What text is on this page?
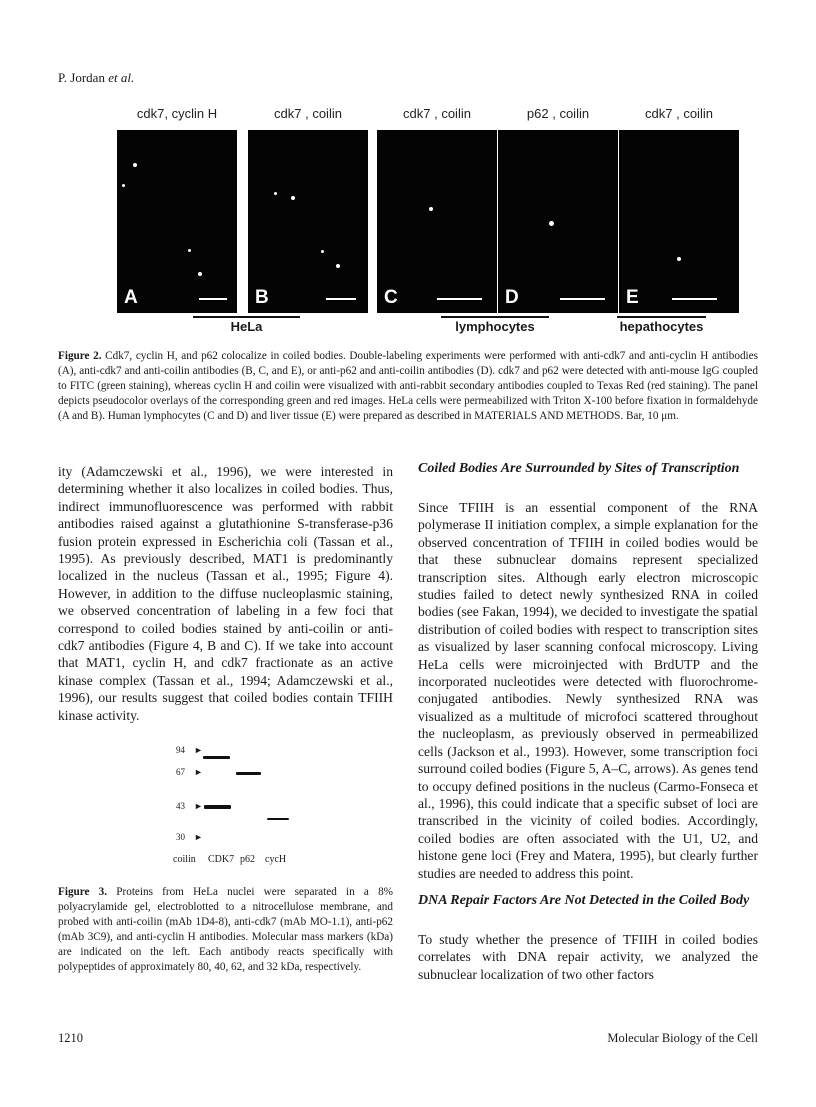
P. Jordan et al.
cdk7, cyclin H	cdk7 , coilin	cdk7 , coilin	p62 , coilin	cdk7 , coilin
A	B	C	D	E
HeLa	lymphocytes	hepathocytes
Figure 2. Cdk7, cyclin H, and p62 colocalize in coiled bodies. Double-labeling experiments were performed with anti-cdk7 and anti-cyclin H antibodies (A), anti-cdk7 and anti-coilin antibodies (B, C, and E), or anti-p62 and anti-coilin antibodies (D). cdk7 and p62 were detected with anti-mouse IgG coupled to FITC (green staining), whereas cyclin H and coilin were visualized with anti-rabbit secondary antibodies coupled to Texas Red (red staining). The panel depicts pseudocolor overlays of the corresponding green and red images. HeLa cells were permeabilized with Triton X-100 before fixation in formaldehyde (A and B). Human lymphocytes (C and D) and liver tissue (E) were prepared as described in MATERIALS AND METHODS. Bar, 10 μm.

ity (Adamczewski et al., 1996), we were interested in determining whether it also localizes in coiled bodies. Thus, indirect immunofluorescence was performed with rabbit antibodies raised against a glutathionine S-transferase-p36 fusion protein expressed in Escherichia coli (Tassan et al., 1995). As previously described, MAT1 is predominantly localized in the nucleus (Tassan et al., 1995; Figure 4). However, in addition to the diffuse nucleoplasmic staining, we observed concentration of labeling in a few foci that correspond to coiled bodies stained by anti-coilin or anti-cdk7 antibodies (Figure 4, B and C). If we take into account that MAT1, cyclin H, and cdk7 fractionate as an active kinase complex (Tassan et al., 1994; Adamczewski et al., 1996), our results suggest that coiled bodies contain TFIIH kinase activity.

94
67
43
30
►
►
►
►
coilin CDK7 p62 cycH
Figure 3. Proteins from HeLa nuclei were separated in a 8% polyacrylamide gel, electroblotted to a nitrocellulose membrane, and probed with anti-coilin (mAb 1D4-8), anti-cdk7 (mAb MO-1.1), anti-p62 (mAb 3C9), and anti-cyclin H antibodies. Molecular mass markers (kDa) are indicated on the left. Each antibody reacts specifically with polypeptides of approximately 80, 40, 62, and 32 kDa, respectively.
Coiled Bodies Are Surrounded by Sites of Transcription

Since TFIIH is an essential component of the RNA polymerase II initiation complex, a simple explanation for the observed concentration of TFIIH in coiled bodies would be that these subnuclear domains represent specialized transcription sites. Although early electron microscopic studies failed to detect newly synthesized RNA in coiled bodies (see Fakan, 1994), we decided to investigate the spatial distribution of coiled bodies with respect to transcription sites as visualized by laser scanning confocal microscopy. Living HeLa cells were microinjected with BrdUTP and the incorporated nucleotides were detected with fluorochrome-conjugated antibodies. Newly synthesized RNA was visualized as a multitude of microfoci scattered throughout the nucleoplasm, as previously observed in permeabilized cells (Jackson et al., 1993). However, some transcription foci surround coiled bodies (Figure 5, A–C, arrows). As genes tend to occupy defined positions in the nucleus (Carmo-Fonseca et al., 1996), this could indicate that a specific subset of loci are transcribed in the vicinity of coiled bodies. Accordingly, coiled bodies are often associated with the U1, U2, and histone gene loci (Frey and Matera, 1995), but clearly further studies are needed to address this point.

DNA Repair Factors Are Not Detected in the Coiled Body

To study whether the presence of TFIIH in coiled bodies correlates with DNA repair activity, we analyzed the subnuclear localization of two other factors

1210	Molecular Biology of the Cell
